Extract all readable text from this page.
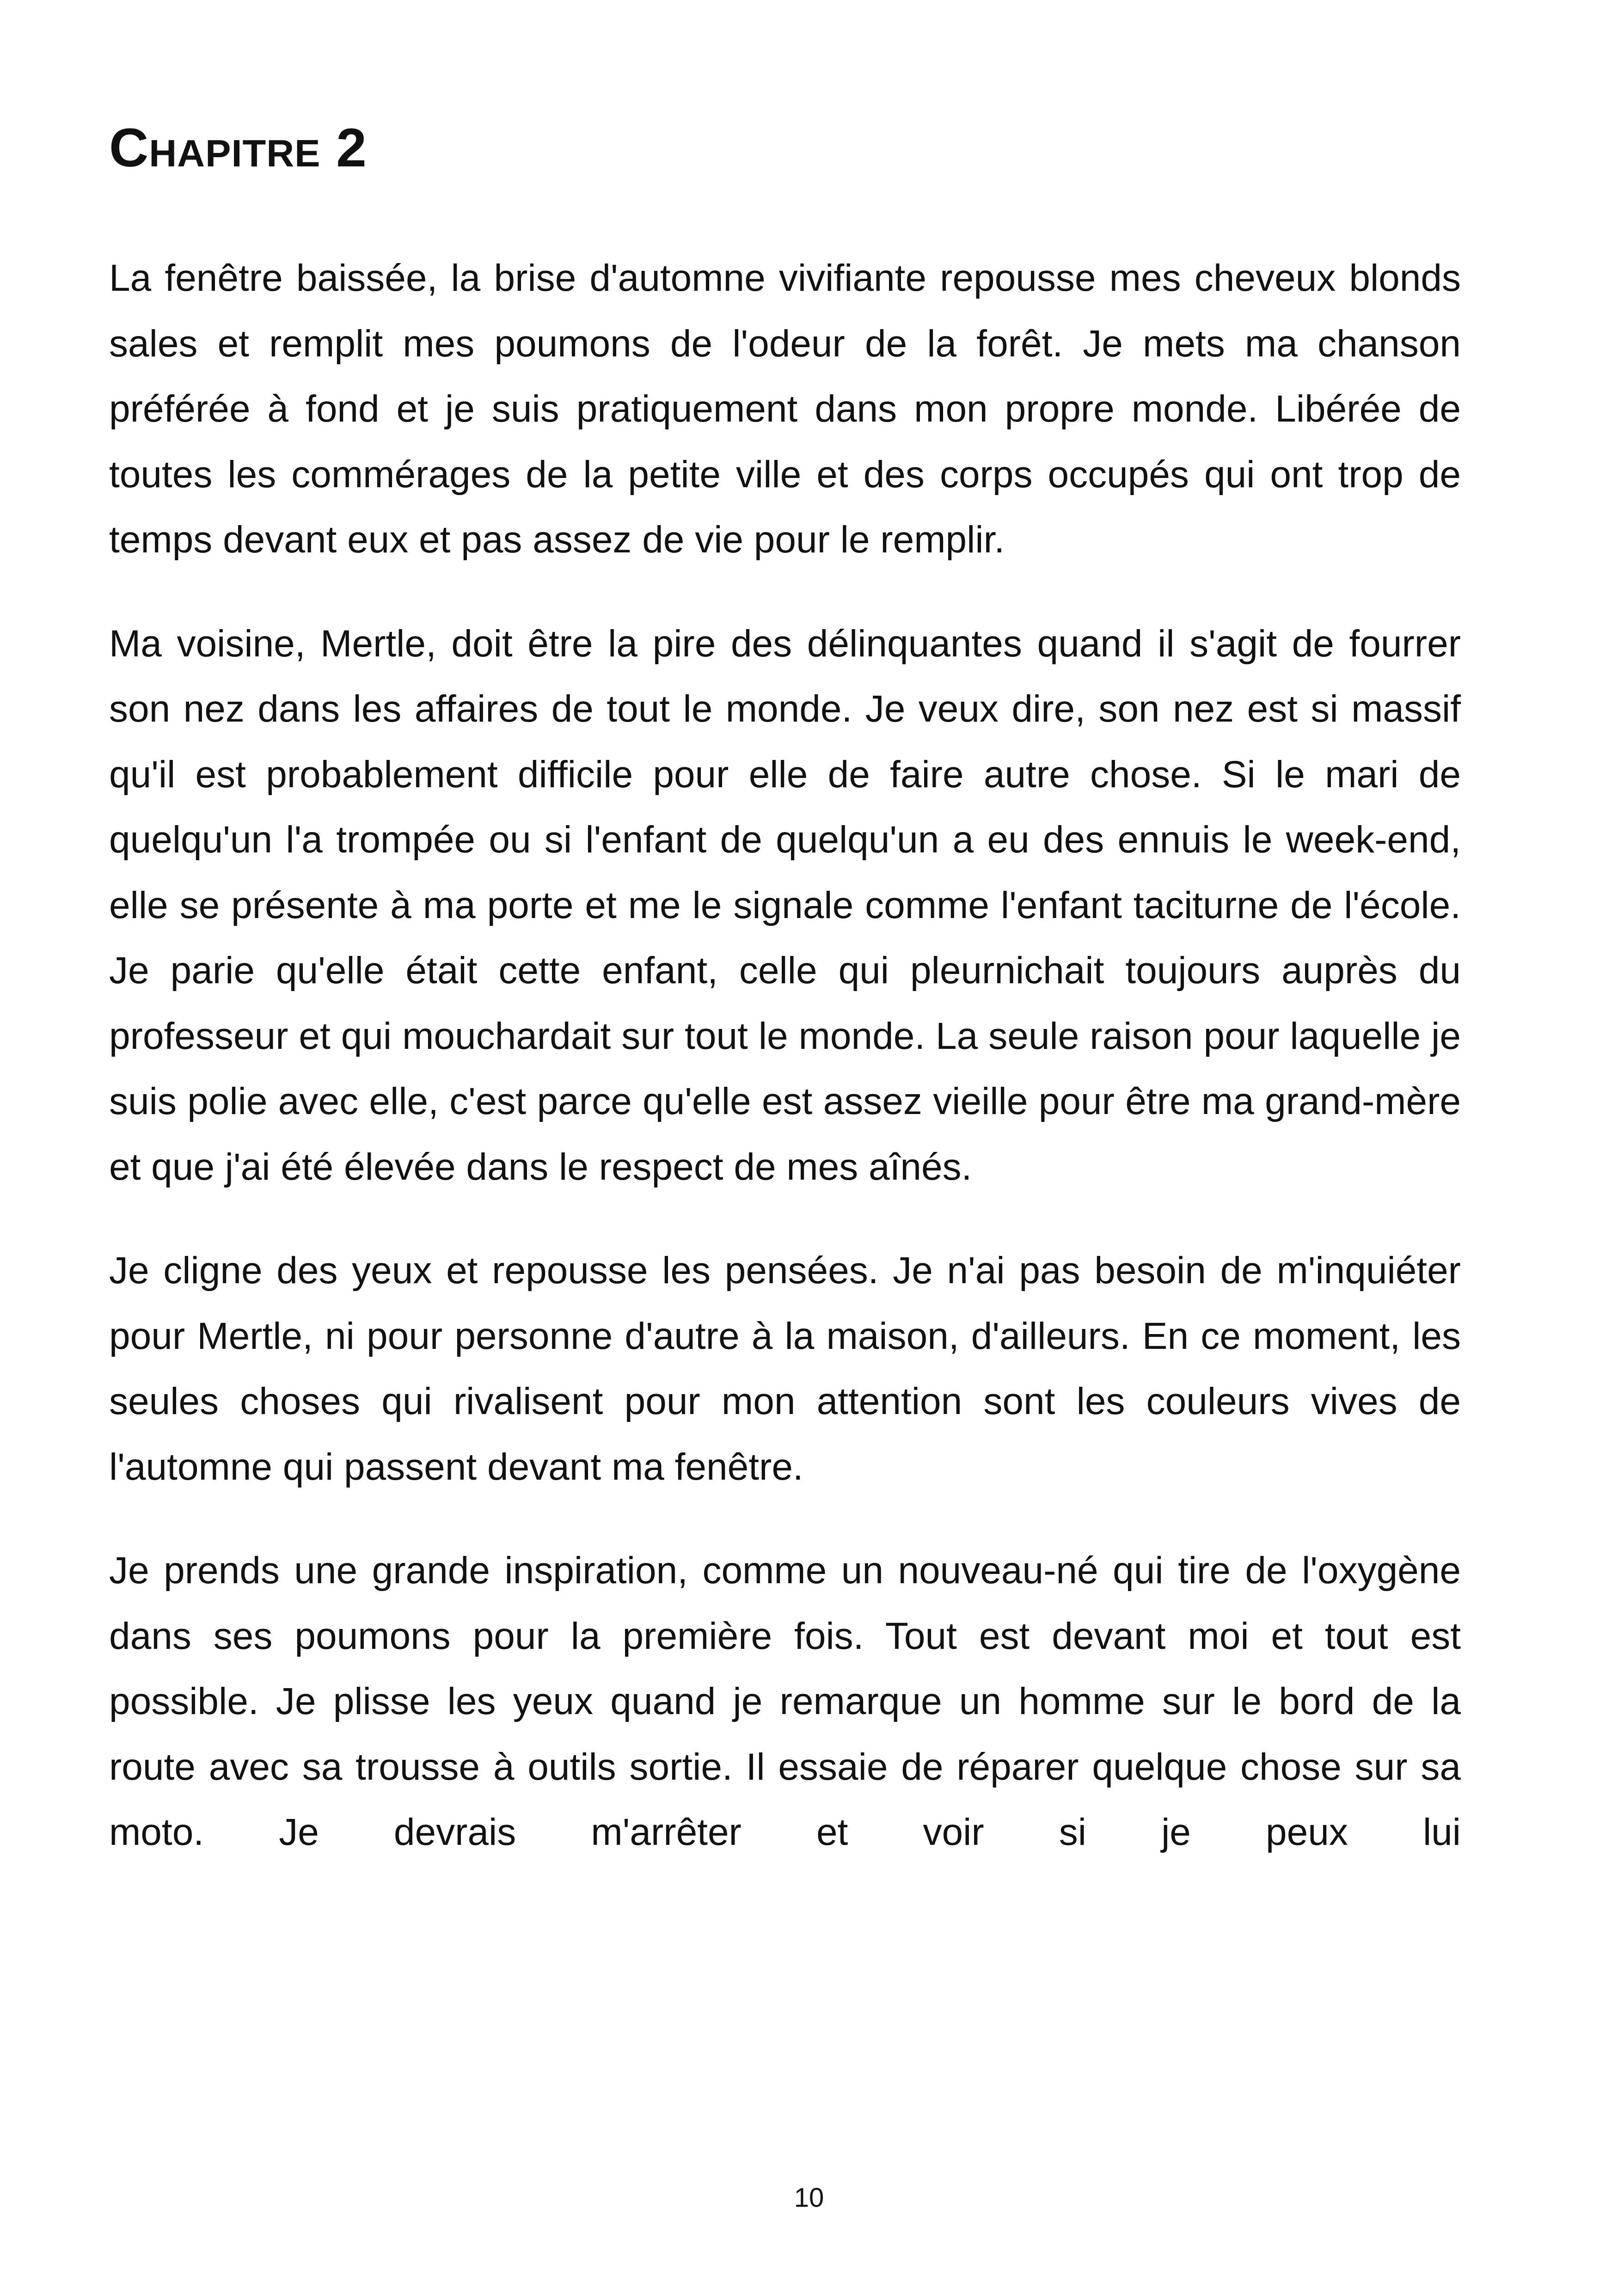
Chapitre 2

La fenêtre baissée, la brise d'automne vivifiante repousse mes cheveux blonds sales et remplit mes poumons de l'odeur de la forêt. Je mets ma chanson préférée à fond et je suis pratiquement dans mon propre monde. Libérée de toutes les commérages de la petite ville et des corps occupés qui ont trop de temps devant eux et pas assez de vie pour le remplir.

Ma voisine, Mertle, doit être la pire des délinquantes quand il s'agit de fourrer son nez dans les affaires de tout le monde. Je veux dire, son nez est si massif qu'il est probablement difficile pour elle de faire autre chose. Si le mari de quelqu'un l'a trompée ou si l'enfant de quelqu'un a eu des ennuis le week-end, elle se présente à ma porte et me le signale comme l'enfant taciturne de l'école. Je parie qu'elle était cette enfant, celle qui pleurnichait toujours auprès du professeur et qui mouchardait sur tout le monde. La seule raison pour laquelle je suis polie avec elle, c'est parce qu'elle est assez vieille pour être ma grand-mère et que j'ai été élevée dans le respect de mes aînés.

Je cligne des yeux et repousse les pensées. Je n'ai pas besoin de m'inquiéter pour Mertle, ni pour personne d'autre à la maison, d'ailleurs. En ce moment, les seules choses qui rivalisent pour mon attention sont les couleurs vives de l'automne qui passent devant ma fenêtre.

Je prends une grande inspiration, comme un nouveau-né qui tire de l'oxygène dans ses poumons pour la première fois. Tout est devant moi et tout est possible. Je plisse les yeux quand je remarque un homme sur le bord de la route avec sa trousse à outils sortie. Il essaie de réparer quelque chose sur sa moto. Je devrais m'arrêter et voir si je peux lui

10
